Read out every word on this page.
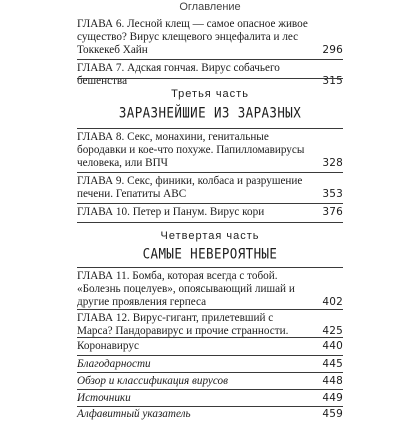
Оглавление
ГЛАВА 6. Лесной клещ — самое опасное живое существо? Вирус клещевого энцефалита и лес Токкекеб Хайн	296
ГЛАВА 7. Адская гончая. Вирус собачьего бешенства	315
Третья часть
ЗАРАЗНЕЙШИЕ ИЗ ЗАРАЗНЫХ
ГЛАВА 8. Секс, монахини, генитальные бородавки и кое-что похуже. Папилломавирусы человека, или ВПЧ	328
ГЛАВА 9. Секс, финики, колбаса и разрушение печени. Гепатиты ABC	353
ГЛАВА 10. Петер и Панум. Вирус кори	376
Четвертая часть
САМЫЕ НЕВЕРОЯТНЫЕ
ГЛАВА 11. Бомба, которая всегда с тобой. «Болезнь поцелуев», опоясывающий лишай и другие проявления герпеса	402
ГЛАВА 12. Вирус-гигант, прилетевший с Марса? Пандоравирус и прочие странности.	425
Коронавирус	440
Благодарности	445
Обзор и классификация вирусов	448
Источники	449
Алфавитный указатель	459
